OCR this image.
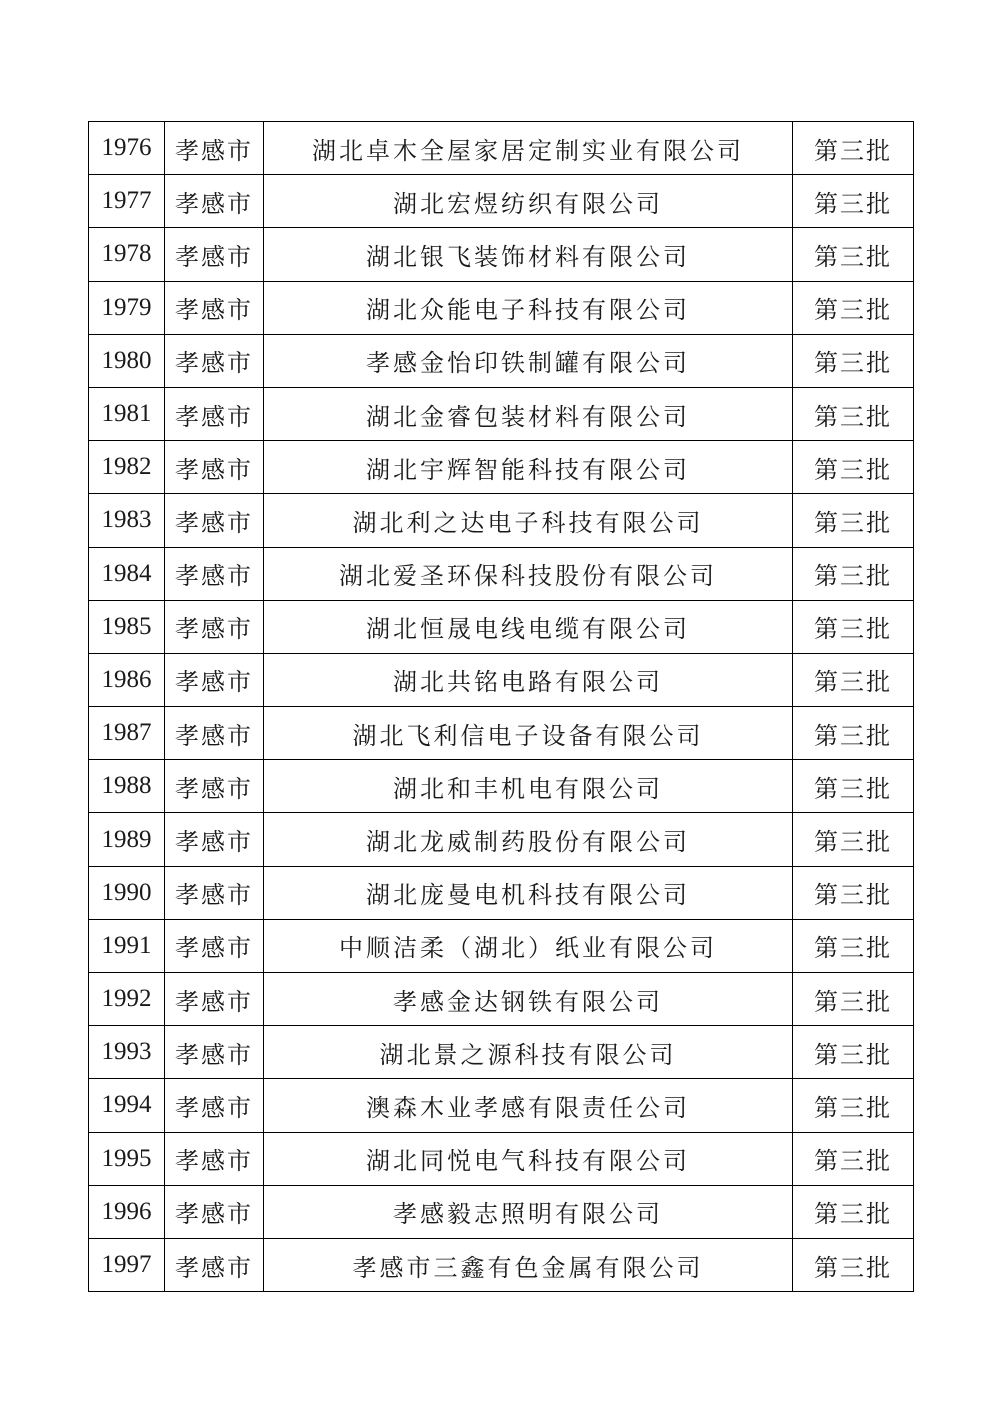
1976	孝感市	湖北卓木全屋家居定制实业有限公司	第三批
1977	孝感市	湖北宏煜纺织有限公司	第三批
1978	孝感市	湖北银飞装饰材料有限公司	第三批
1979	孝感市	湖北众能电子科技有限公司	第三批
1980	孝感市	孝感金怡印铁制罐有限公司	第三批
1981	孝感市	湖北金睿包装材料有限公司	第三批
1982	孝感市	湖北宇辉智能科技有限公司	第三批
1983	孝感市	湖北利之达电子科技有限公司	第三批
1984	孝感市	湖北爱圣环保科技股份有限公司	第三批
1985	孝感市	湖北恒晟电线电缆有限公司	第三批
1986	孝感市	湖北共铭电路有限公司	第三批
1987	孝感市	湖北飞利信电子设备有限公司	第三批
1988	孝感市	湖北和丰机电有限公司	第三批
1989	孝感市	湖北龙威制药股份有限公司	第三批
1990	孝感市	湖北庞曼电机科技有限公司	第三批
1991	孝感市	中顺洁柔（湖北）纸业有限公司	第三批
1992	孝感市	孝感金达钢铁有限公司	第三批
1993	孝感市	湖北景之源科技有限公司	第三批
1994	孝感市	澳森木业孝感有限责任公司	第三批
1995	孝感市	湖北同悦电气科技有限公司	第三批
1996	孝感市	孝感毅志照明有限公司	第三批
1997	孝感市	孝感市三鑫有色金属有限公司	第三批
